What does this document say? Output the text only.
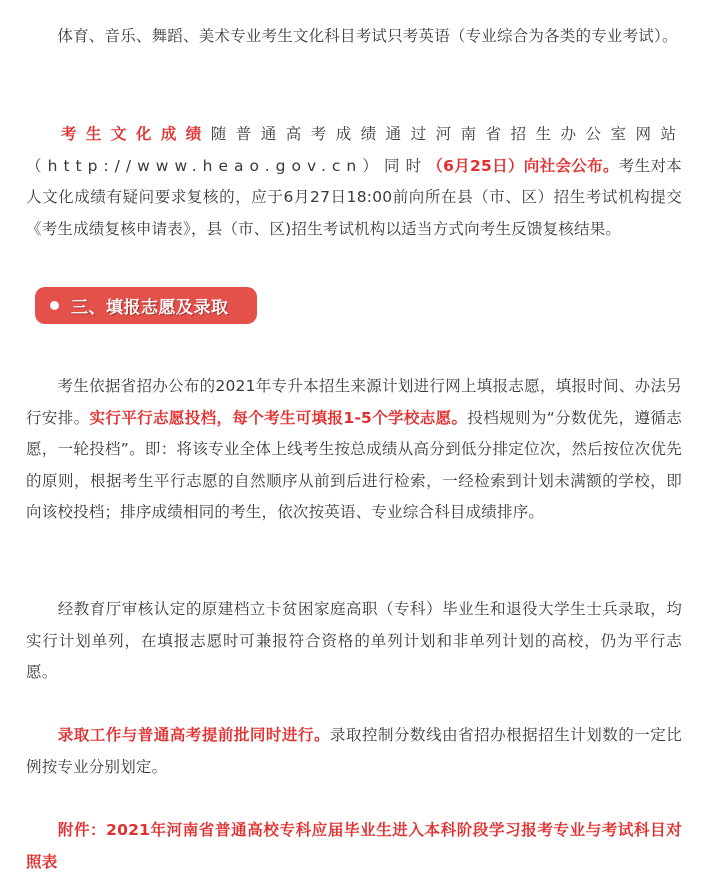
  体育、音乐、舞蹈、美术专业考生文化科目考试只考英语（专业综合为各类的专业考试）。

  考生文化成绩随普通高考成绩通过河南省招生办公室网站（http://www.heao.gov.cn）同时（6月25日）向社会公布。考生对本人文化成绩有疑问要求复核的，应于6月27日18:00前向所在县（市、区）招生考试机构提交《考生成绩复核申请表》，县（市、区)招生考试机构以适当方式向考生反馈复核结果。

三、填报志愿及录取

  考生依据省招办公布的2021年专升本招生来源计划进行网上填报志愿，填报时间、办法另行安排。实行平行志愿投档，每个考生可填报1-5个学校志愿。投档规则为“分数优先，遵循志愿，一轮投档”。即：将该专业全体上线考生按总成绩从高分到低分排定位次，然后按位次优先的原则，根据考生平行志愿的自然顺序从前到后进行检索，一经检索到计划未满额的学校，即向该校投档；排序成绩相同的考生，依次按英语、专业综合科目成绩排序。

  经教育厅审核认定的原建档立卡贫困家庭高职（专科）毕业生和退役大学生士兵录取，均实行计划单列，在填报志愿时可兼报符合资格的单列计划和非单列计划的高校，仍为平行志愿。

  录取工作与普通高考提前批同时进行。录取控制分数线由省招办根据招生计划数的一定比例按专业分别划定。

  附件：2021年河南省普通高校专科应届毕业生进入本科阶段学习报考专业与考试科目对照表
